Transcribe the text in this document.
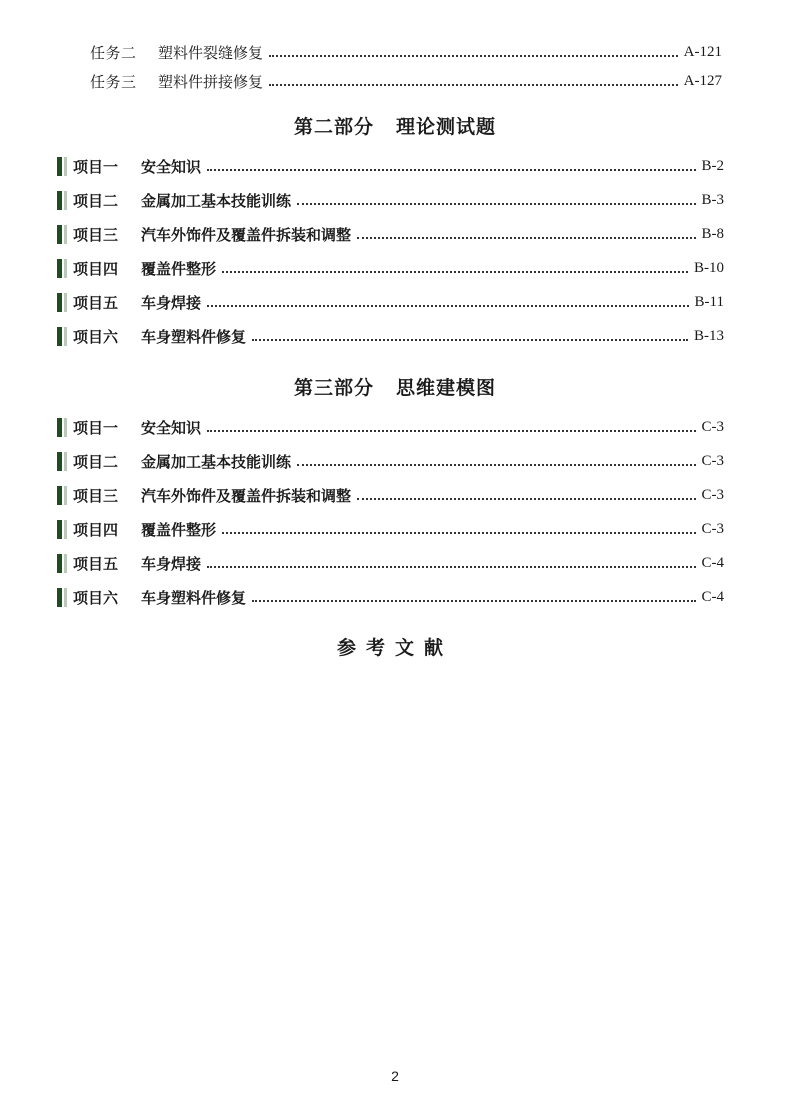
任务二	塑料件裂缝修复	A-121
任务三	塑料件拼接修复	A-127
第二部分 理论测试题
项目一	安全知识	B-2
项目二	金属加工基本技能训练	B-3
项目三	汽车外饰件及覆盖件拆装和调整	B-8
项目四	覆盖件整形	B-10
项目五	车身焊接	B-11
项目六	车身塑料件修复	B-13
第三部分 思维建模图
项目一	安全知识	C-3
项目二	金属加工基本技能训练	C-3
项目三	汽车外饰件及覆盖件拆装和调整	C-3
项目四	覆盖件整形	C-3
项目五	车身焊接	C-4
项目六	车身塑料件修复	C-4
参考文献
2
